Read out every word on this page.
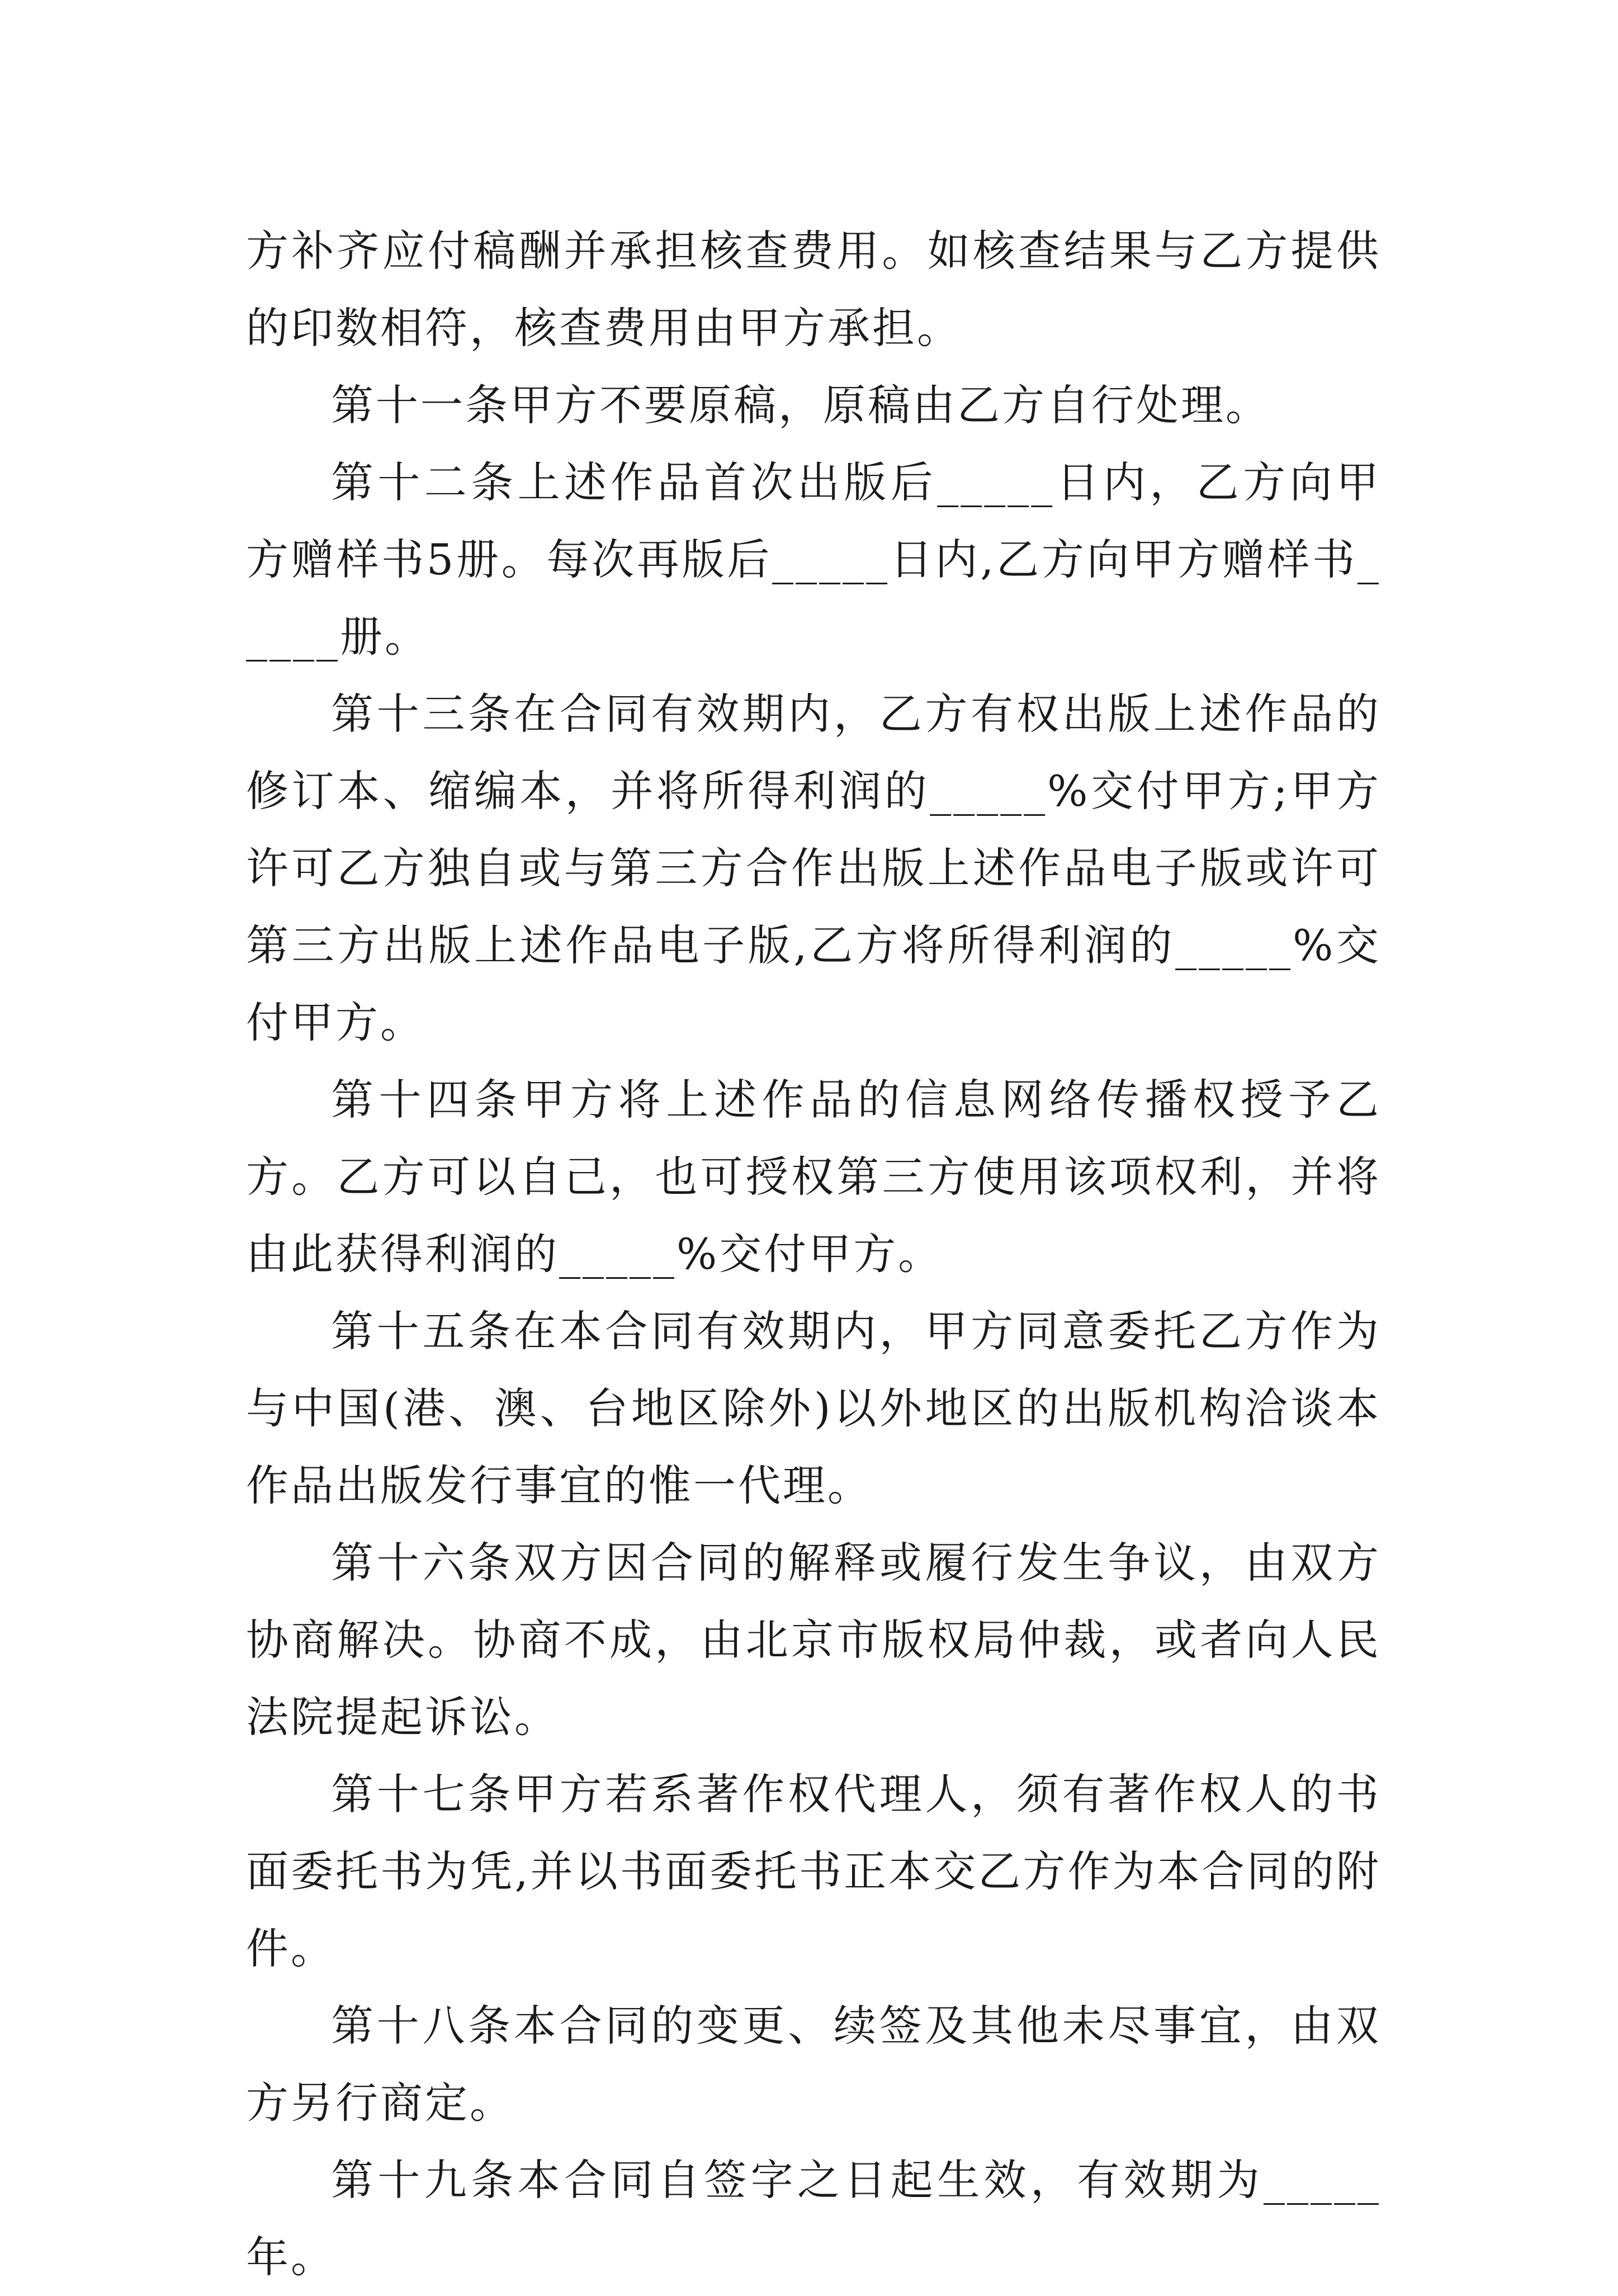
方补齐应付稿酬并承担核查费用。如核查结果与乙方提供的印数相符，核查费用由甲方承担。

第十一条甲方不要原稿，原稿由乙方自行处理。

第十二条上述作品首次出版后_____日内，乙方向甲方赠样书5册。每次再版后_____日内,乙方向甲方赠样书_____册。

第十三条在合同有效期内，乙方有权出版上述作品的修订本、缩编本，并将所得利润的_____%交付甲方;甲方许可乙方独自或与第三方合作出版上述作品电子版或许可第三方出版上述作品电子版,乙方将所得利润的_____%交付甲方。

第十四条甲方将上述作品的信息网络传播权授予乙方。乙方可以自己，也可授权第三方使用该项权利，并将由此获得利润的_____%交付甲方。

第十五条在本合同有效期内，甲方同意委托乙方作为与中国(港、澳、台地区除外)以外地区的出版机构洽谈本作品出版发行事宜的惟一代理。

第十六条双方因合同的解释或履行发生争议，由双方协商解决。协商不成，由北京市版权局仲裁，或者向人民法院提起诉讼。

第十七条甲方若系著作权代理人，须有著作权人的书面委托书为凭,并以书面委托书正本交乙方作为本合同的附件。

第十八条本合同的变更、续签及其他未尽事宜，由双方另行商定。

第十九条本合同自签字之日起生效，有效期为_____年。
